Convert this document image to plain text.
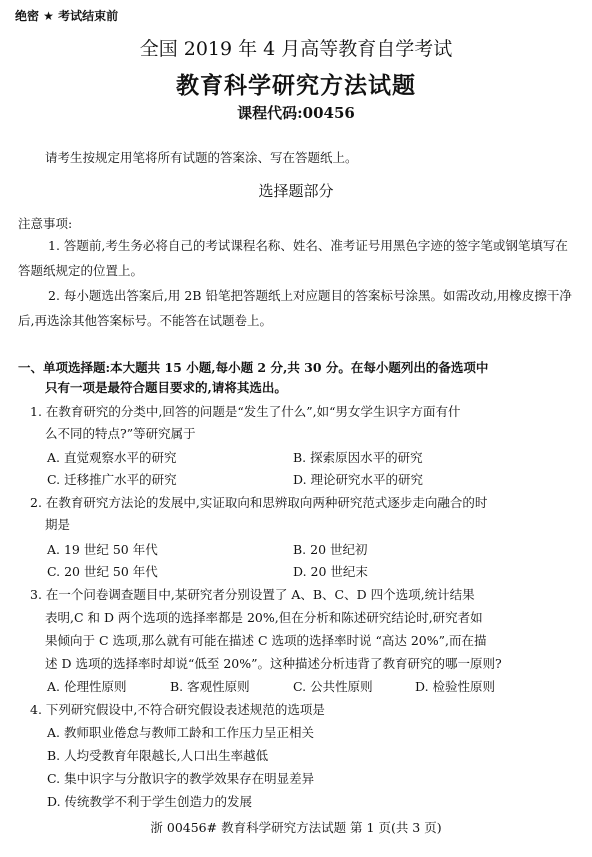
绝密 ★ 考试结束前
全国 2019 年 4 月高等教育自学考试
教育科学研究方法试题
课程代码:00456
请考生按规定用笔将所有试题的答案涂、写在答题纸上。
选择题部分
注意事项:
1. 答题前,考生务必将自己的考试课程名称、姓名、准考证号用黑色字迹的签字笔或钢笔填写在答题纸规定的位置上。
2. 每小题选出答案后,用 2B 铅笔把答题纸上对应题目的答案标号涂黑。如需改动,用橡皮擦干净后,再选涂其他答案标号。不能答在试题卷上。
一、单项选择题:本大题共 15 小题,每小题 2 分,共 30 分。在每小题列出的备选项中
只有一项是最符合题目要求的,请将其选出。
1. 在教育研究的分类中,回答的问题是“发生了什么”,如“男女学生识字方面有什
么不同的特点?”等研究属于
A. 直觉观察水平的研究	B. 探索原因水平的研究
C. 迁移推广水平的研究	D. 理论研究水平的研究
2. 在教育研究方法论的发展中,实证取向和思辨取向两种研究范式逐步走向融合的时
期是
A. 19 世纪 50 年代	B. 20 世纪初
C. 20 世纪 50 年代	D. 20 世纪末
3. 在一个问卷调查题目中,某研究者分别设置了 A、B、C、D 四个选项,统计结果
表明,C 和 D 两个选项的选择率都是 20%,但在分析和陈述研究结论时,研究者如
果倾向于 C 选项,那么就有可能在描述 C 选项的选择率时说 “高达 20%”,而在描
述 D 选项的选择率时却说“低至 20%”。这种描述分析违背了教育研究的哪一原则?
A. 伦理性原则	B. 客观性原则	C. 公共性原则	D. 检验性原则
4. 下列研究假设中,不符合研究假设表述规范的选项是
A. 教师职业倦怠与教师工龄和工作压力呈正相关
B. 人均受教育年限越长,人口出生率越低
C. 集中识字与分散识字的教学效果存在明显差异
D. 传统教学不利于学生创造力的发展
浙 00456# 教育科学研究方法试题 第 1 页(共 3 页)
